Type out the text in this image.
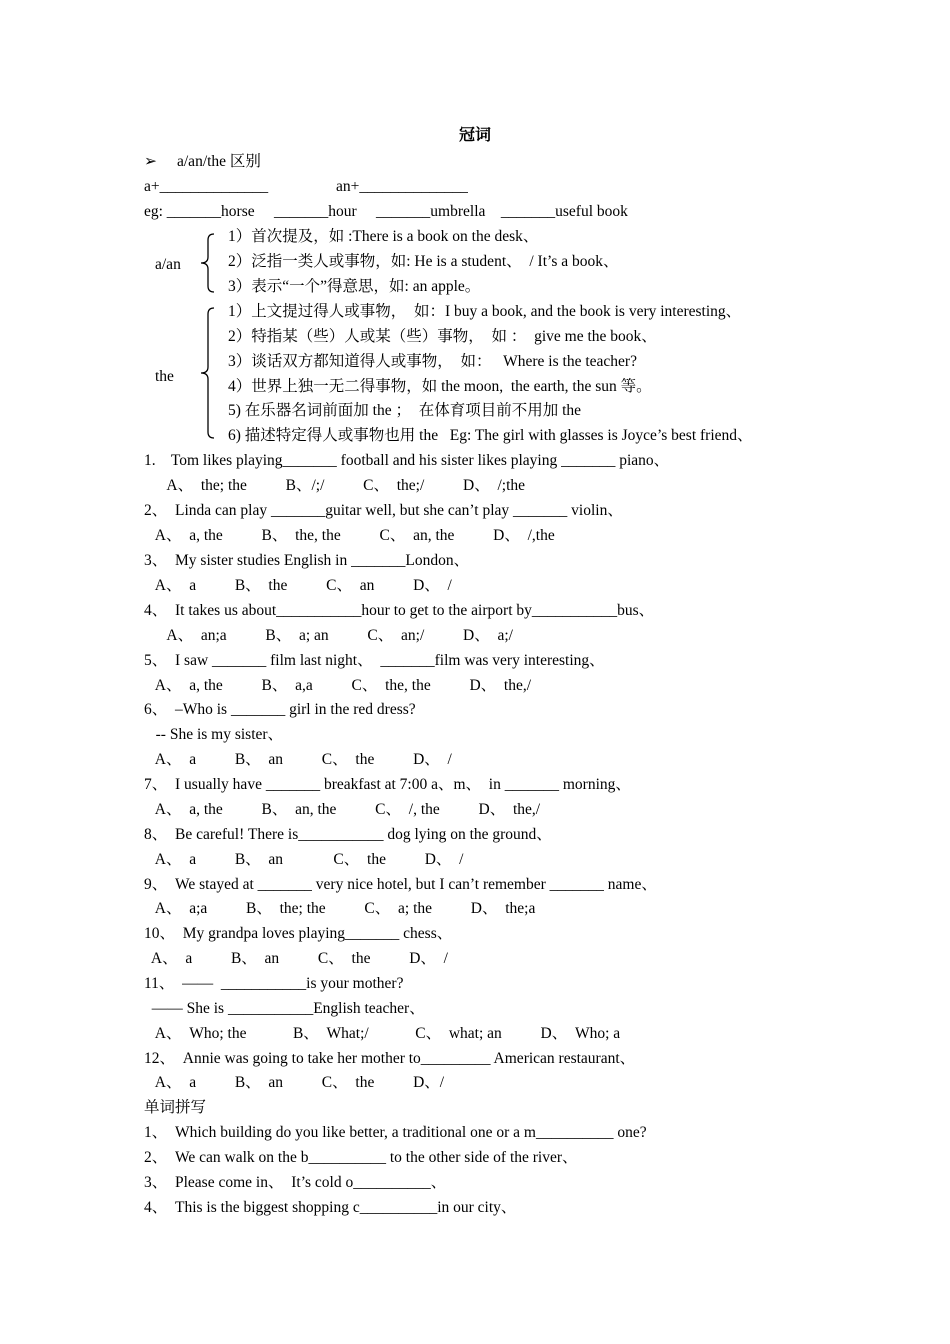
冠词
➢ a/an/the 区别
a+______________	an+______________
eg: _______horse     _______hour     _______umbrella    _______useful book
a/an
1）首次提及，如 :There is a book on the desk、
2）泛指一类人或事物，如: He is a student、  / It’s a book、
3）表示“一个”得意思，如: an apple。
the
1）上文提过得人或事物，  如：I buy a book, and the book is very interesting、
2）特指某（些）人或某（些）事物，  如 ：  give me the book、
3）谈话双方都知道得人或事物，  如：   Where is the teacher?
4）世界上独一无二得事物，如 the moon,  the earth, the sun 等。
5) 在乐器名词前面加 the ；  在体育项目前不用加 the
6) 描述特定得人或事物也用 the   Eg: The girl with glasses is Joyce’s best friend、
1.    Tom likes playing_______ football and his sister likes playing _______ piano、
A、  the; the          B、/;/          C、  the;/          D、  /;the
2、  Linda can play _______guitar well, but she can’t play _______ violin、
A、  a, the          B、  the, the          C、  an, the          D、  /,the
3、  My sister studies English in _______London、
A、  a          B、  the          C、  an          D、  /
4、  It takes us about___________hour to get to the airport by___________bus、
A、  an;a          B、  a; an          C、  an;/          D、  a;/
5、  I saw _______ film last night、  _______film was very interesting、
A、  a, the          B、  a,a          C、  the, the          D、  the,/
6、  –Who is _______ girl in the red dress?
-- She is my sister、
A、  a          B、  an          C、  the          D、  /
7、  I usually have _______ breakfast at 7:00 a、m、  in _______ morning、
A、  a, the          B、  an, the          C、  /, the          D、  the,/
8、  Be careful! There is___________ dog lying on the ground、
A、  a          B、  an             C、  the          D、  /
9、  We stayed at _______ very nice hotel, but I can’t remember _______ name、
A、  a;a          B、  the; the          C、  a; the          D、  the;a
10、  My grandpa loves playing_______ chess、
A、  a          B、  an          C、  the          D、  /
11、  ——  ___________is your mother?
—— She is ___________English teacher、
A、  Who; the            B、  What;/            C、  what; an          D、  Who; a
12、  Annie was going to take her mother to_________ American restaurant、
A、  a          B、  an          C、  the          D、/
单词拼写
1、  Which building do you like better, a traditional one or a m__________ one?
2、  We can walk on the b__________ to the other side of the river、
3、  Please come in、  It’s cold o__________、
4、  This is the biggest shopping c__________in our city、
